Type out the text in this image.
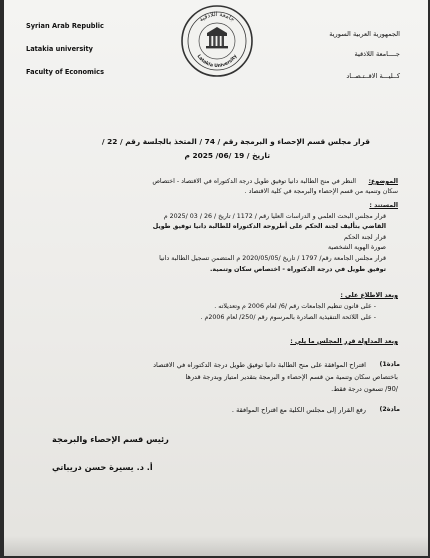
Syrian Arab Republic
Latakia university
Faculty of Economics
الجمهورية العربية السورية
جــــامعة اللاذقية
كــليـــة الاقــتـصــاد
جامعة اللاذقية
Latakia University
قرار مجلس قسم الإحصاء و البرمجة رقم / 74 / المتخذ بالجلسة رقم / 22 /
تاريخ / 19 /06/ 2025 م
الموضوع:
النظر في منح الطالبة دانيا توفيق طويل درجة الدكتوراه في الاقتصاد - اختصاص
سكان وتنمية من قسم الإحصاء والبرمجة في كلية الاقتصاد .
المستند :
قرار مجلس البحث العلمي و الدراسات العليا رقم / 1172 / تاريخ / 26 / 03 /2025 م
القاضي بتأليف لجنة الحكم على أطروحة الدكتوراه للطالبة دانيا توفيق طويل
قرار لجنة الحكم
صورة الهوية الشخصية
قرار مجلس الجامعة رقم/ 1797 / تاريخ /2020/05/05 م المتضمن تسجيل الطالبة دانيا
توفيق طويل في درجة الدكتوراه - اختصاص سكان وتنمية.
وبعد الاطلاع على :
- على قانون تنظيم الجامعات رقم /6/ لعام 2006 م وتعديلاته .
- على اللائحة التنفيذية الصادرة بالمرسوم رقم /250/ لعام 2006م .
وبعد المداولة قرر المجلس ما يلي :
مادة1)
اقتراح الموافقة على منح الطالبة دانيا توفيق طويل درجة الدكتوراه في الاقتصاد
باختصاص سكان وتنمية من قسم الإحصاء و البرمجة بتقدير امتياز وبدرجة قدرها
/90/ تسعون درجة فقط.
مادة2)
رفع القرار إلى مجلس الكلية مع اقتراح الموافقة .
رئيس قسم الإحصاء والبرمجة
أ. د. يسيرة حسن دريباتي
